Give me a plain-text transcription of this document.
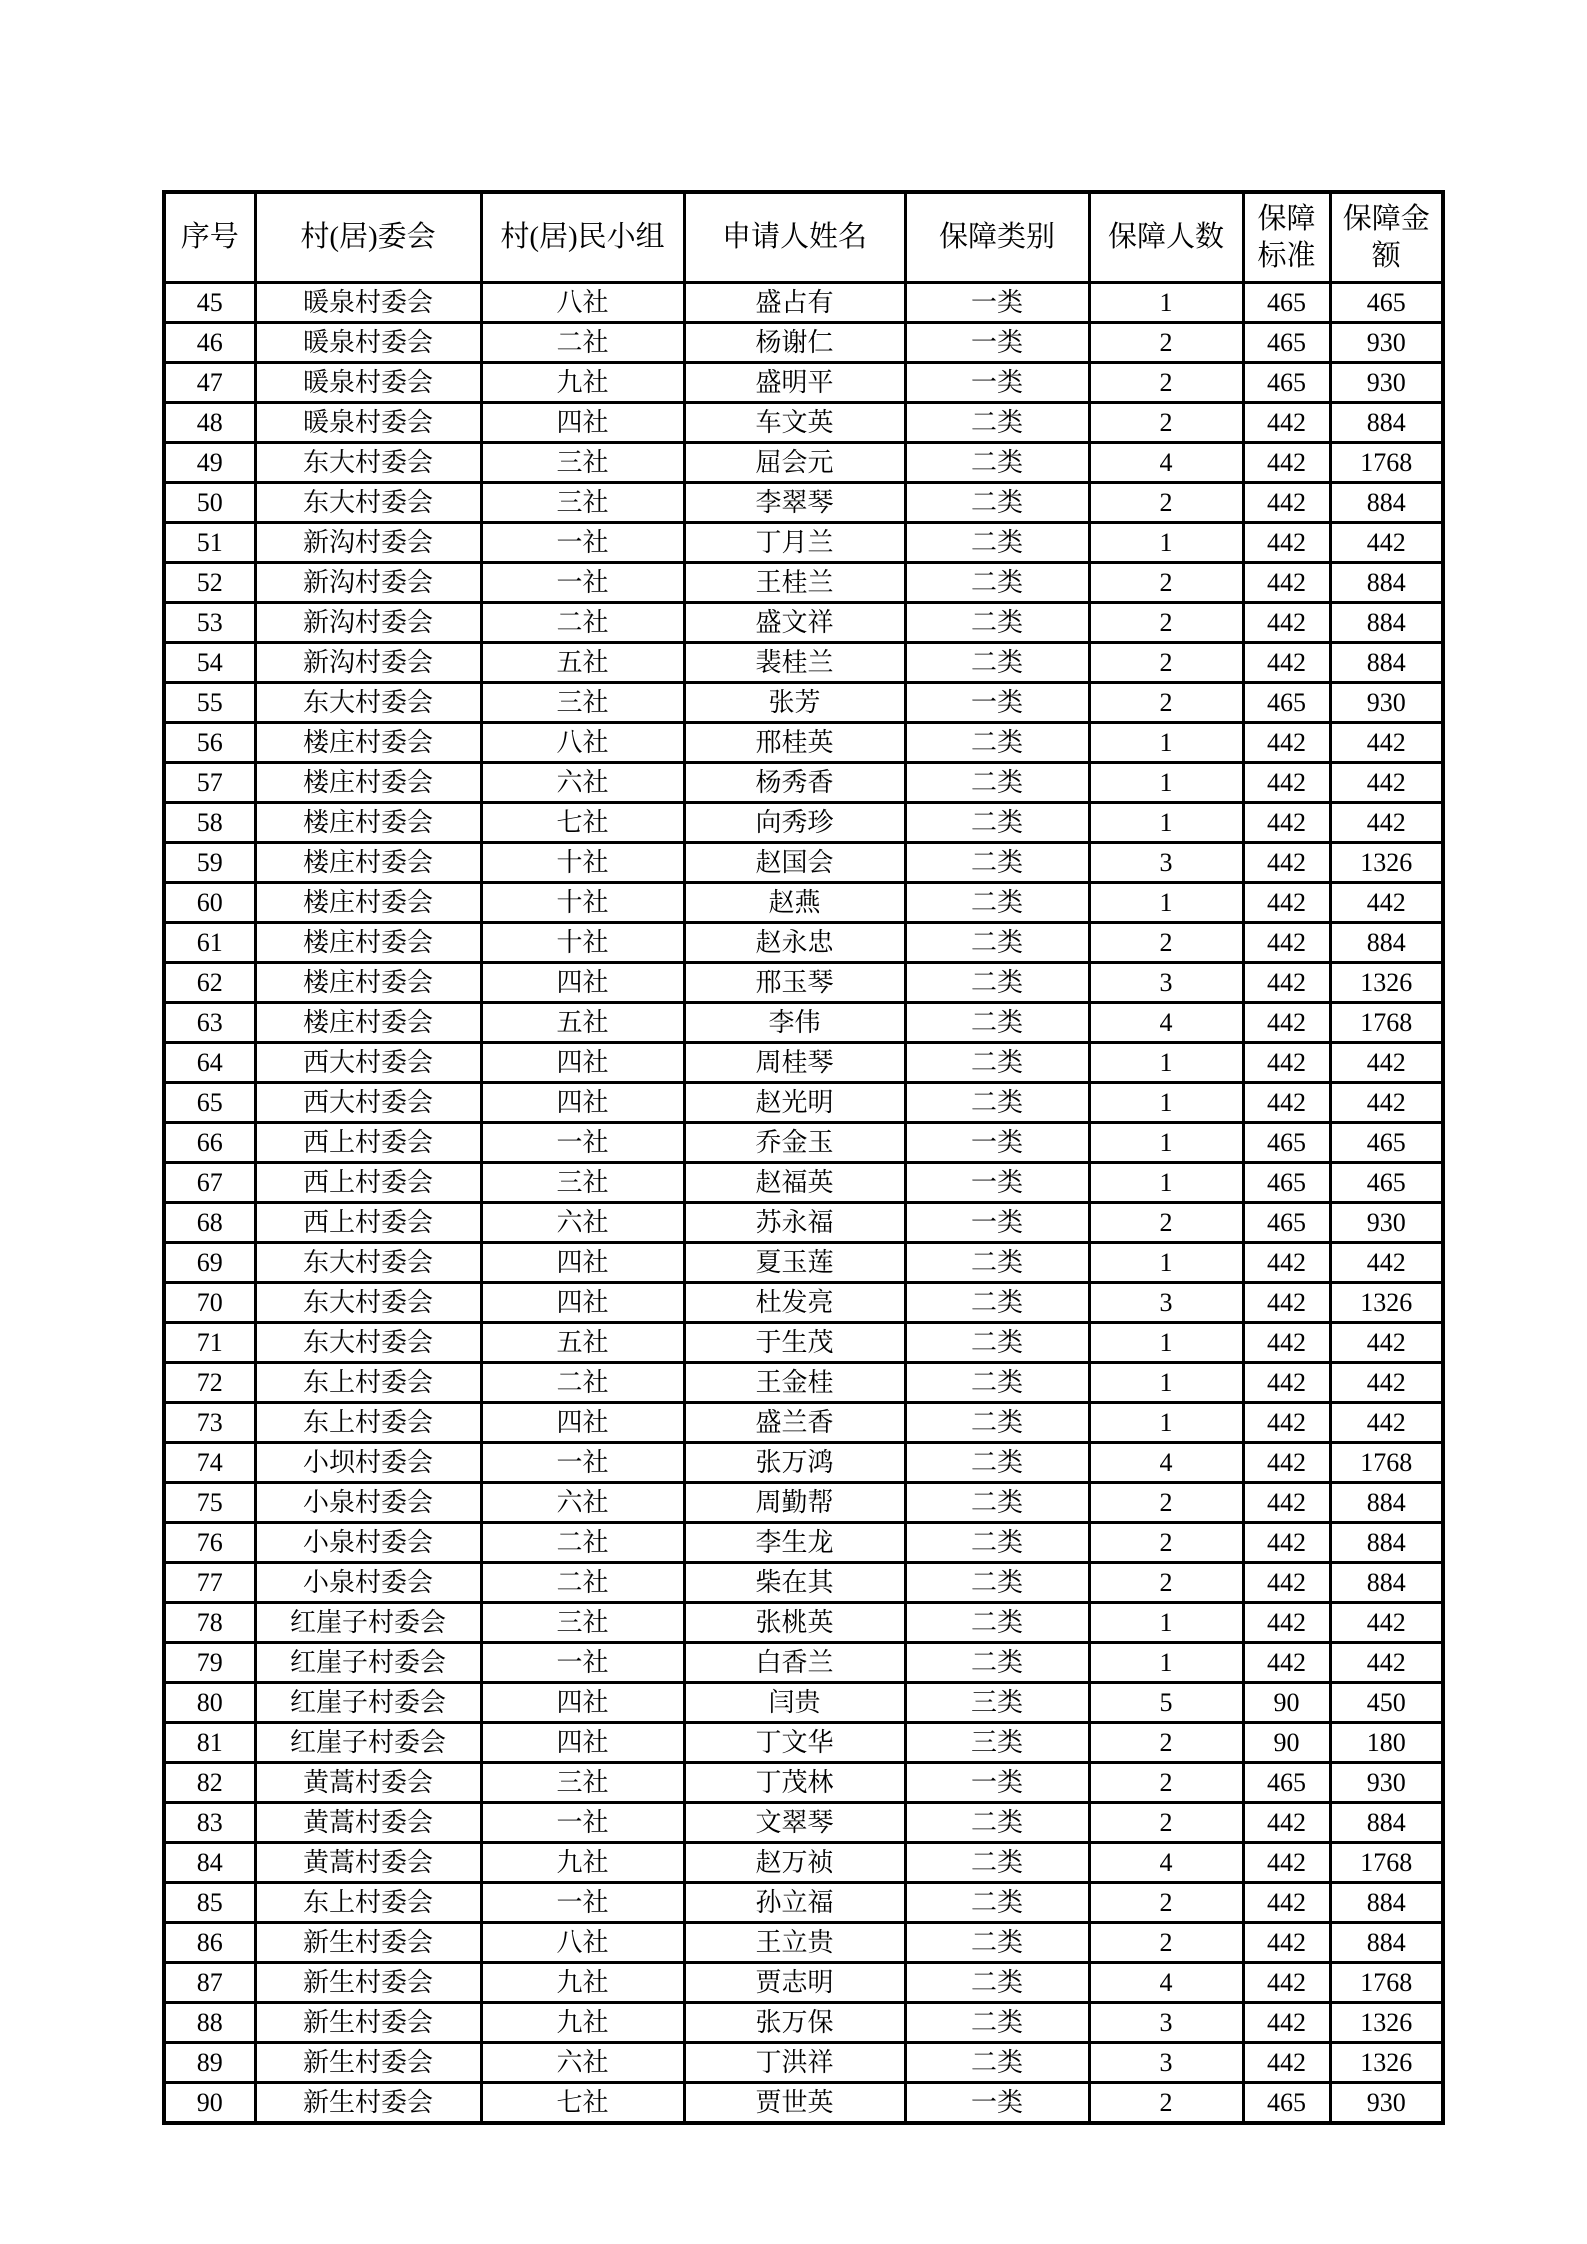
序号	村(居)委会	村(居)民小组	申请人姓名	保障类别	保障人数	保障标准	保障金额
45	暖泉村委会	八社	盛占有	一类	1	465	465
46	暖泉村委会	二社	杨谢仁	一类	2	465	930
47	暖泉村委会	九社	盛明平	一类	2	465	930
48	暖泉村委会	四社	车文英	二类	2	442	884
49	东大村委会	三社	屈会元	二类	4	442	1768
50	东大村委会	三社	李翠琴	二类	2	442	884
51	新沟村委会	一社	丁月兰	二类	1	442	442
52	新沟村委会	一社	王桂兰	二类	2	442	884
53	新沟村委会	二社	盛文祥	二类	2	442	884
54	新沟村委会	五社	裴桂兰	二类	2	442	884
55	东大村委会	三社	张芳	一类	2	465	930
56	楼庄村委会	八社	邢桂英	二类	1	442	442
57	楼庄村委会	六社	杨秀香	二类	1	442	442
58	楼庄村委会	七社	向秀珍	二类	1	442	442
59	楼庄村委会	十社	赵国会	二类	3	442	1326
60	楼庄村委会	十社	赵燕	二类	1	442	442
61	楼庄村委会	十社	赵永忠	二类	2	442	884
62	楼庄村委会	四社	邢玉琴	二类	3	442	1326
63	楼庄村委会	五社	李伟	二类	4	442	1768
64	西大村委会	四社	周桂琴	二类	1	442	442
65	西大村委会	四社	赵光明	二类	1	442	442
66	西上村委会	一社	乔金玉	一类	1	465	465
67	西上村委会	三社	赵福英	一类	1	465	465
68	西上村委会	六社	苏永福	一类	2	465	930
69	东大村委会	四社	夏玉莲	二类	1	442	442
70	东大村委会	四社	杜发亮	二类	3	442	1326
71	东大村委会	五社	于生茂	二类	1	442	442
72	东上村委会	二社	王金桂	二类	1	442	442
73	东上村委会	四社	盛兰香	二类	1	442	442
74	小坝村委会	一社	张万鸿	二类	4	442	1768
75	小泉村委会	六社	周勤帮	二类	2	442	884
76	小泉村委会	二社	李生龙	二类	2	442	884
77	小泉村委会	二社	柴在其	二类	2	442	884
78	红崖子村委会	三社	张桃英	二类	1	442	442
79	红崖子村委会	一社	白香兰	二类	1	442	442
80	红崖子村委会	四社	闫贵	三类	5	90	450
81	红崖子村委会	四社	丁文华	三类	2	90	180
82	黄蒿村委会	三社	丁茂林	一类	2	465	930
83	黄蒿村委会	一社	文翠琴	二类	2	442	884
84	黄蒿村委会	九社	赵万祯	二类	4	442	1768
85	东上村委会	一社	孙立福	二类	2	442	884
86	新生村委会	八社	王立贵	二类	2	442	884
87	新生村委会	九社	贾志明	二类	4	442	1768
88	新生村委会	九社	张万保	二类	3	442	1326
89	新生村委会	六社	丁洪祥	二类	3	442	1326
90	新生村委会	七社	贾世英	一类	2	465	930
